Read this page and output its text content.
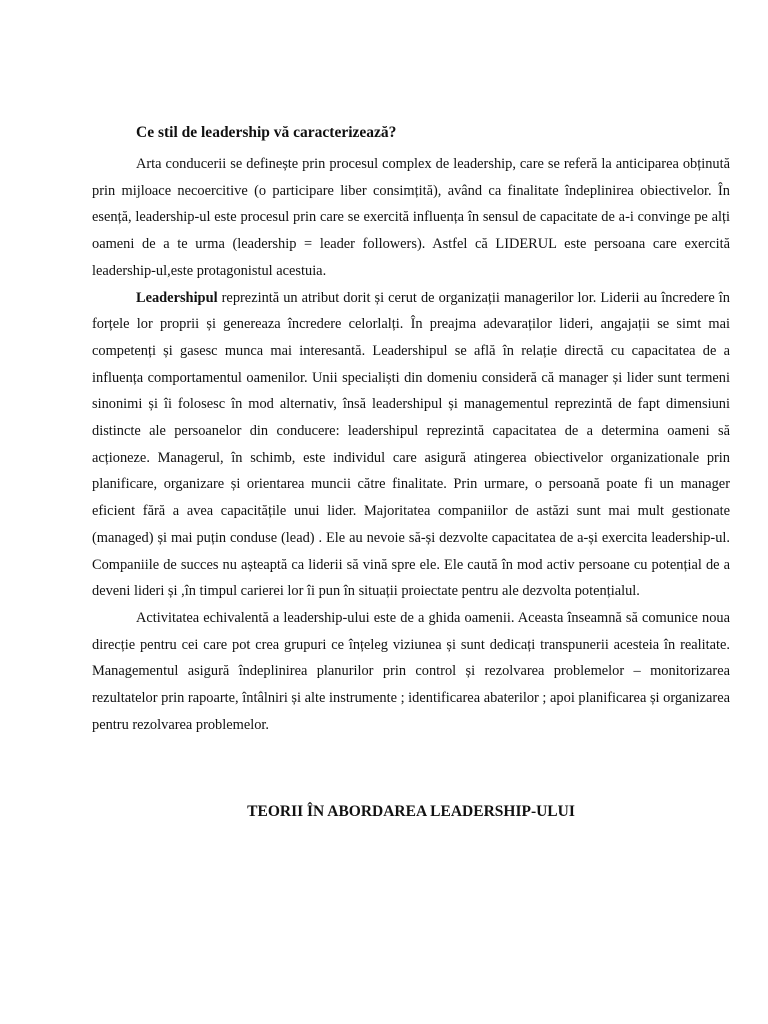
Ce stil de leadership vă caracterizează?

Arta conducerii se definește prin procesul complex de leadership, care se referă la anticiparea obținută prin mijloace necoercitive (o participare liber consimțită), având ca finalitate îndeplinirea obiectivelor. În esență, leadership-ul este procesul prin care se exercită influența în sensul de capacitate de a-i convinge pe alți oameni de a te urma (leadership = leader followers). Astfel că LIDERUL este persoana care exercită leadership-ul,este protagonistul acestuia.

Leadershipul reprezintă un atribut dorit și cerut de organizații managerilor lor. Liderii au încredere în forțele lor proprii și genereaza încredere celorlalți. În preajma adevaraților lideri, angajații se simt mai competenți și gasesc munca mai interesantă. Leadershipul se află în relație directă cu capacitatea de a influența comportamentul oamenilor. Unii specialiști din domeniu consideră că manager și lider sunt termeni sinonimi și îi folosesc în mod alternativ, însă leadershipul și managementul reprezintă de fapt dimensiuni distincte ale persoanelor din conducere: leadershipul reprezintă capacitatea de a determina oameni să acționeze. Managerul, în schimb, este individul care asigură atingerea obiectivelor organizationale prin planificare, organizare și orientarea muncii către finalitate. Prin urmare, o persoană poate fi un manager eficient fără a avea capacitățile unui lider. Majoritatea companiilor de astăzi sunt mai mult gestionate (managed) și mai puțin conduse (lead) . Ele au nevoie să-și dezvolte capacitatea de a-și exercita leadership-ul. Companiile de succes nu așteaptă ca liderii să vină spre ele. Ele caută în mod activ persoane cu potențial de a deveni lideri și ,în timpul carierei lor îi pun în situații proiectate pentru ale dezvolta potențialul.

Activitatea echivalentă a leadership-ului este de a ghida oamenii. Aceasta înseamnă să comunice noua direcție pentru cei care pot crea grupuri ce înțeleg viziunea și sunt dedicați transpunerii acesteia în realitate. Managementul asigură îndeplinirea planurilor prin control și rezolvarea problemelor – monitorizarea rezultatelor prin rapoarte, întâlniri și alte instrumente ; identificarea abaterilor ; apoi planificarea și organizarea pentru rezolvarea problemelor.

TEORII ÎN ABORDAREA LEADERSHIP-ULUI
